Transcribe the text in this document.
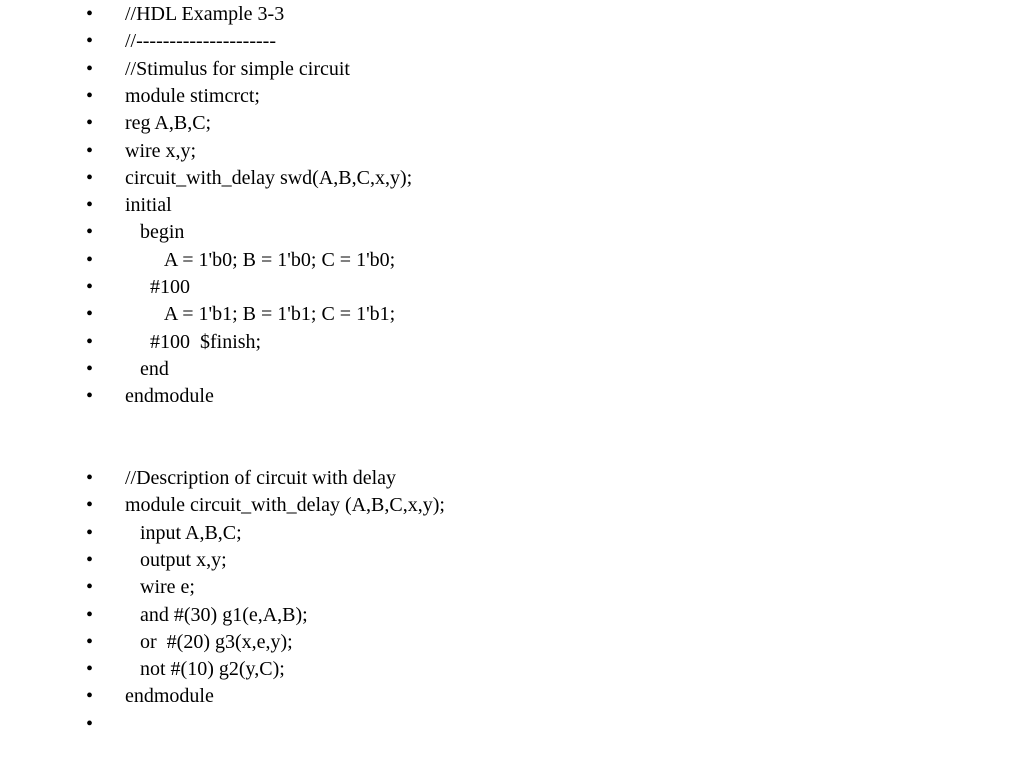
• //HDL Example 3-3
• //---------------------
• //Stimulus for simple circuit
• module stimcrct;
• reg A,B,C;
• wire x,y;
• circuit_with_delay swd(A,B,C,x,y);
• initial
• begin
• A = 1'b0; B = 1'b0; C = 1'b0;
• #100
• A = 1'b1; B = 1'b1; C = 1'b1;
• #100  $finish;
• end
• endmodule
• //Description of circuit with delay
• module circuit_with_delay (A,B,C,x,y);
• input A,B,C;
• output x,y;
• wire e;
• and #(30) g1(e,A,B);
• or  #(20) g3(x,e,y);
• not #(10) g2(y,C);
• endmodule
•
